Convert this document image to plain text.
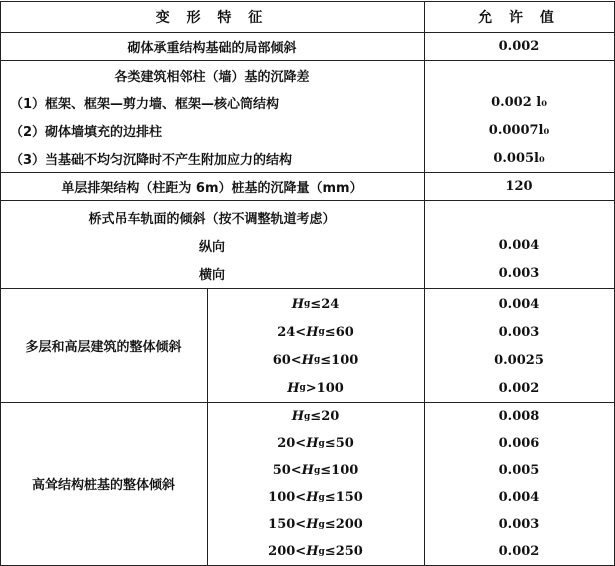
变 形 特 征	允 许 值
砌体承重结构基础的局部倾斜	0.002
各类建筑相邻柱（墙）基的沉降差
（1）框架、框架—剪力墙、框架—核心筒结构	0.002 l₀
（2）砌体墙填充的边排柱	0.0007l₀
（3）当基础不均匀沉降时不产生附加应力的结构	0.005l₀
单层排架结构（柱距为 6m）桩基的沉降量（mm）	120
桥式吊车轨面的倾斜（按不调整轨道考虑）
纵向	0.004
横向	0.003
多层和高层建筑的整体倾斜
H g ≤24	0.004
24< H g ≤60	0.003
60< H g ≤100	0.0025
H g >100	0.002
高耸结构桩基的整体倾斜
H g ≤20	0.008
20< H g ≤50	0.006
50< H g ≤100	0.005
100< H g ≤150	0.004
150< H g ≤200	0.003
200< H g ≤250	0.002
